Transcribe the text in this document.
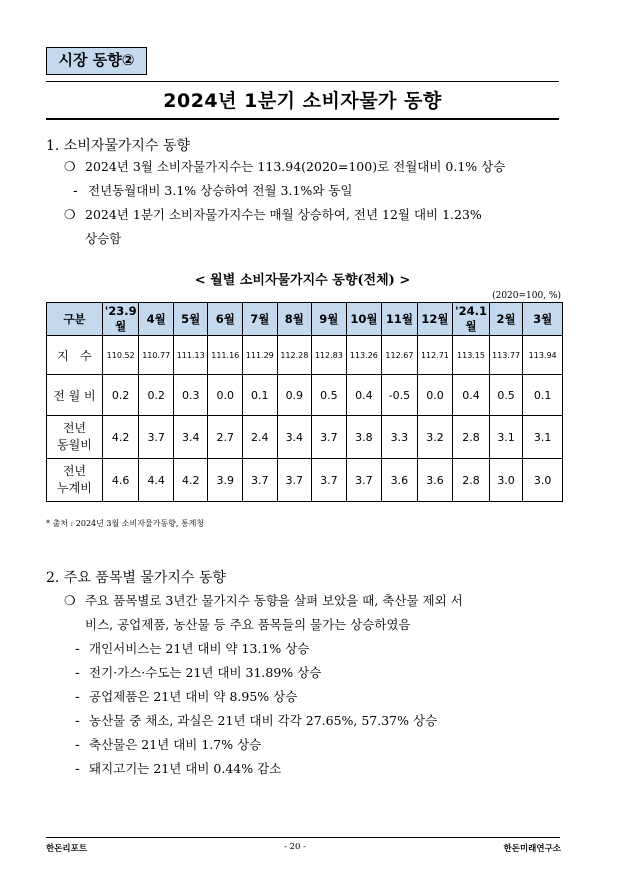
시장 동향②
2024년 1분기 소비자물가 동향
1. 소비자물가지수 동향
❍ 2024년 3월 소비자물가지수는 113.94(2020=100)로 전월대비 0.1% 상승
- 전년동월대비 3.1% 상승하여 전월 3.1%와 동일
❍ 2024년 1분기 소비자물가지수는 매월 상승하여, 전년 12월 대비 1.23%
상승함
< 월별 소비자물가지수 동향(전체) >
(2020=100, %)
구분	'23.9월	4월	5월	6월	7월	8월	9월	10월	11월	12월	'24.1월	2월	3월
지   수	110.52	110.77	111.13	111.16	111.29	112.28	112.83	113.26	112.67	112.71	113.15	113.77	113.94
전 월 비	0.2	0.2	0.3	0.0	0.1	0.9	0.5	0.4	-0.5	0.0	0.4	0.5	0.1
전년
동월비	4.2	3.7	3.4	2.7	2.4	3.4	3.7	3.8	3.3	3.2	2.8	3.1	3.1
전년
누계비	4.6	4.4	4.2	3.9	3.7	3.7	3.7	3.7	3.6	3.6	2.8	3.0	3.0
* 출처 : 2024년 3월 소비자물가동향, 통계청
2. 주요 품목별 물가지수 동향
❍ 주요 품목별로 3년간 물가지수 동향을 살펴 보았을 때, 축산물 제외 서
비스, 공업제품, 농산물 등 주요 품목들의 물가는 상승하였음
- 개인서비스는 21년 대비 약 13.1% 상승
- 전기·가스·수도는 21년 대비 31.89% 상승
- 공업제품은 21년 대비 약 8.95% 상승
- 농산물 중 채소, 과실은 21년 대비 각각 27.65%, 57.37% 상승
- 축산물은 21년 대비 1.7% 상승
- 돼지고기는 21년 대비 0.44% 감소
한돈리포트	- 20 -	한돈미래연구소
